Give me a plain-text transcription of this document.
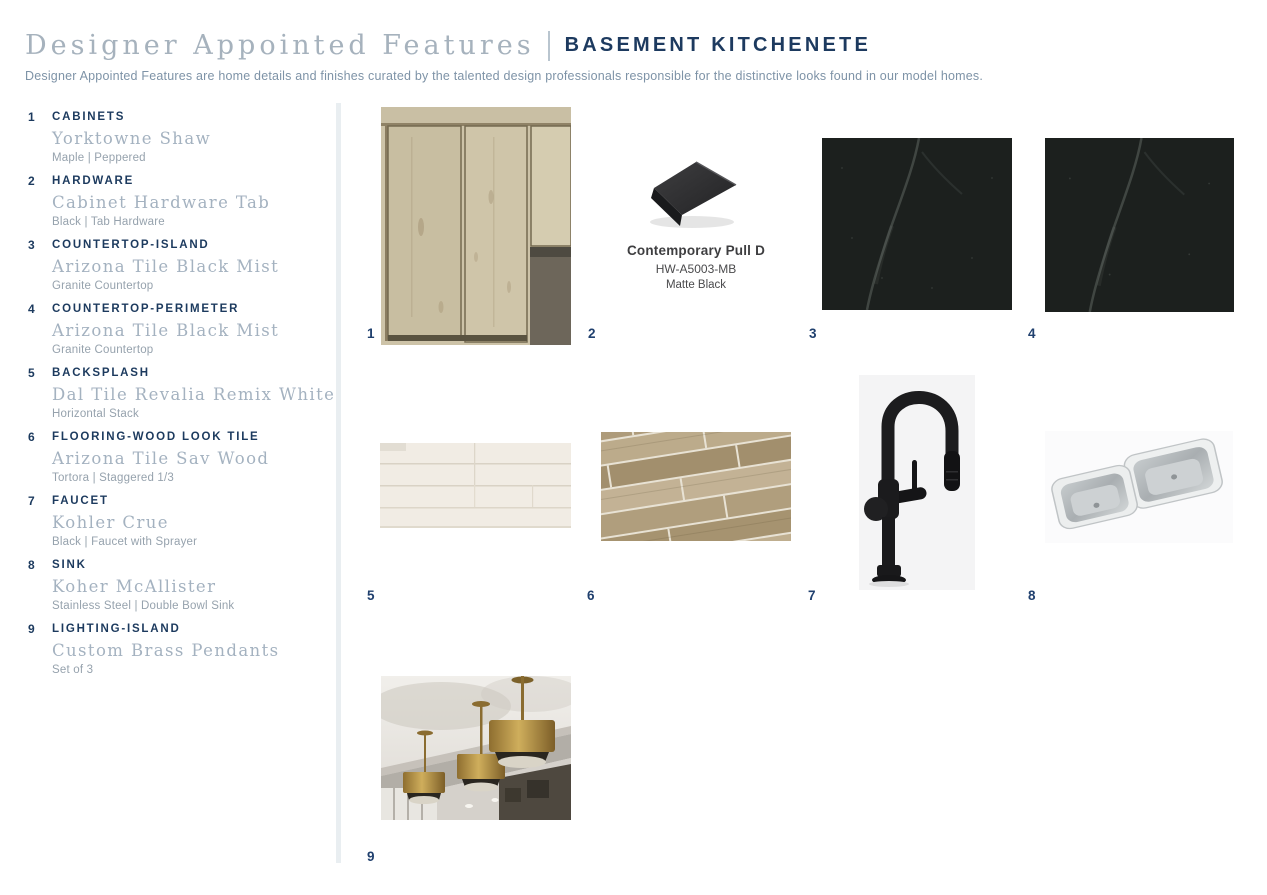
Designer Appointed Features BASEMENT KITCHENETE
Designer Appointed Features are home details and finishes curated by the talented design professionals responsible for the distinctive looks found in our model homes.
1	CABINETS
Yorktowne Shaw
Maple | Peppered
2	HARDWARE
Cabinet Hardware Tab
Black | Tab Hardware
3	COUNTERTOP-ISLAND
Arizona Tile Black Mist
Granite Countertop
4	COUNTERTOP-PERIMETER
Arizona Tile Black Mist
Granite Countertop
5	BACKSPLASH
Dal Tile Revalia Remix White
Horizontal Stack
6	FLOORING-WOOD LOOK TILE
Arizona Tile Sav Wood
Tortora | Staggered 1/3
7	FAUCET
Kohler Crue
Black | Faucet with Sprayer
8	SINK
Koher McAllister
Stainless Steel | Double Bowl Sink
9	LIGHTING-ISLAND
Custom Brass Pendants
Set of 3
Contemporary Pull D
HW-A5003-MB
Matte Black
1	2	3	4
5	6	7	8
9
